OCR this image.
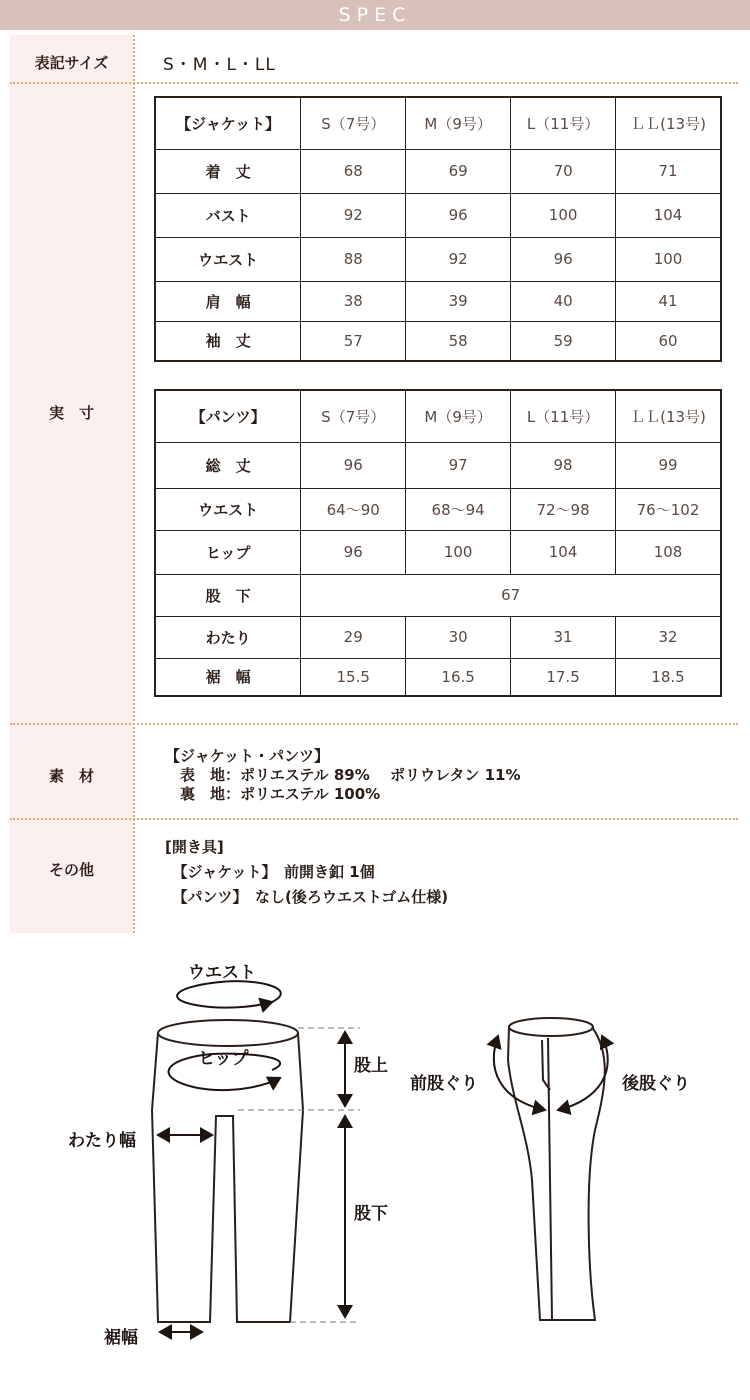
SPEC
表記サイズ	S・M・L・LL
実　寸
【ジャケット】	S（7号）	M（9号）	L（11号）	ＬＬ(13号)
着　丈	68	69	70	71
バスト	92	96	100	104
ウエスト	88	92	96	100
肩　幅	38	39	40	41
袖　丈	57	58	59	60
【パンツ】	S（7号）	M（9号）	L（11号）	ＬＬ(13号)
総　丈	96	97	98	99
ウエスト	64〜90	68〜94	72〜98	76〜102
ヒップ	96	100	104	108
股　下	67			
わたり	29	30	31	32
裾　幅	15.5	16.5	17.5	18.5
素　材
【ジャケット・パンツ】
　表　地：ポリエステル 89%　 ポリウレタン 11%
　裏　地：ポリエステル 100%
その他
[開き具]
　【ジャケット】　前開き釦 1個
　【パンツ】　なし(後ろウエストゴム仕様)
ウエスト
ヒップ	股上
わたり幅
股下
裾幅
前股ぐり	後股ぐり
